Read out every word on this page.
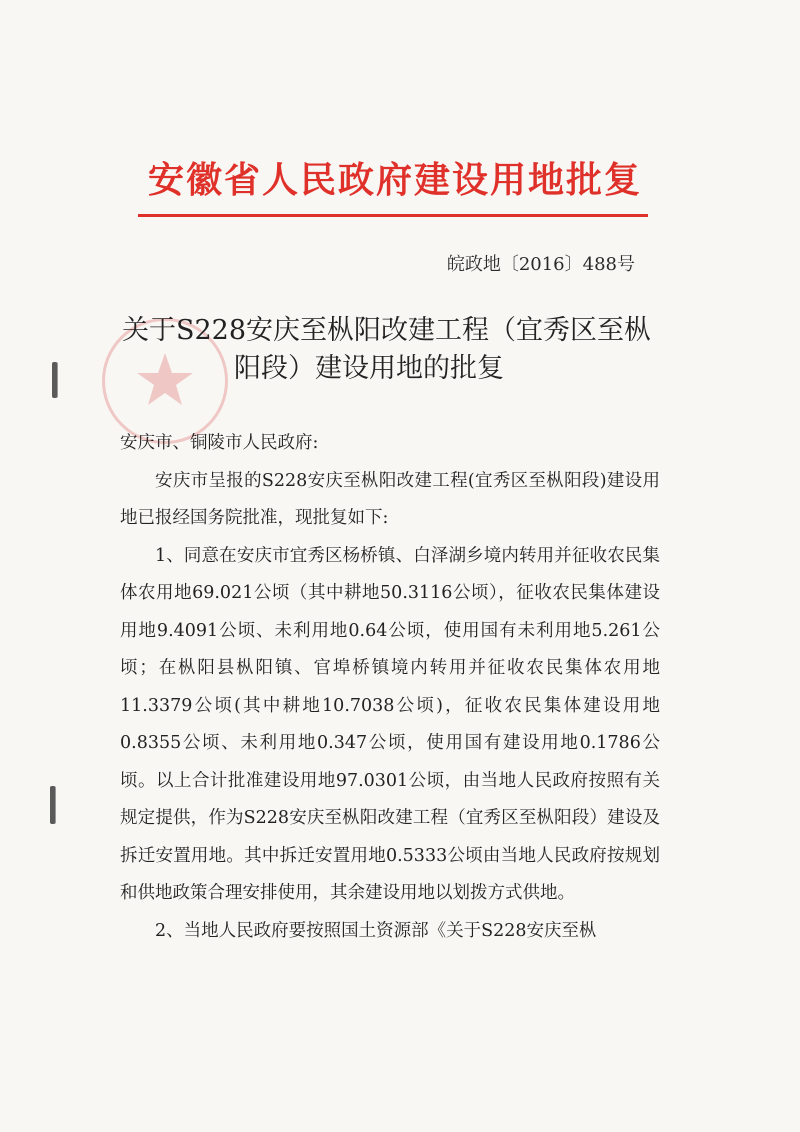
安徽省人民政府建设用地批复
皖政地〔2016〕488号
关于S228安庆至枞阳改建工程（宜秀区至枞
阳段）建设用地的批复

安庆市、铜陵市人民政府:

安庆市呈报的S228安庆至枞阳改建工程(宜秀区至枞阳段)建设用地已报经国务院批准，现批复如下:

1、同意在安庆市宜秀区杨桥镇、白泽湖乡境内转用并征收农民集体农用地69.021公顷（其中耕地50.3116公顷），征收农民集体建设用地9.4091公顷、未利用地0.64公顷，使用国有未利用地5.261公顷；在枞阳县枞阳镇、官埠桥镇境内转用并征收农民集体农用地11.3379公顷(其中耕地10.7038公顷)，征收农民集体建设用地0.8355公顷、未利用地0.347公顷，使用国有建设用地0.1786公顷。以上合计批准建设用地97.0301公顷，由当地人民政府按照有关规定提供，作为S228安庆至枞阳改建工程（宜秀区至枞阳段）建设及拆迁安置用地。其中拆迁安置用地0.5333公顷由当地人民政府按规划和供地政策合理安排使用，其余建设用地以划拨方式供地。

2、当地人民政府要按照国土资源部《关于S228安庆至枞
